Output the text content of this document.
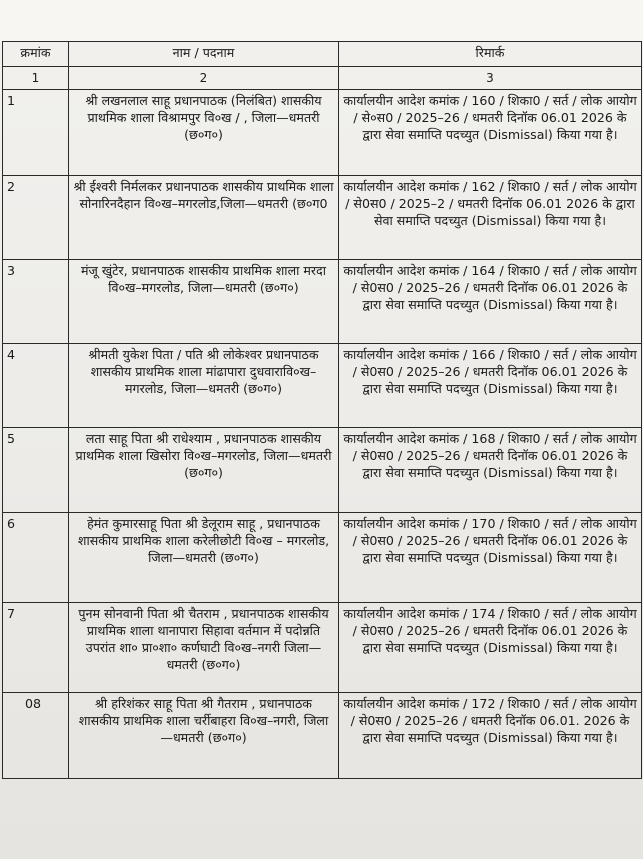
क्रमांक	नाम / पदनाम	रिमार्क
1	2	3
1	श्री लखनलाल साहू प्रधानपाठक (निलंबित) शासकीय प्राथमिक शाला विश्रामपुर वि०ख / , जिला—धमतरी (छ०ग०)	कार्यालयीन आदेश कमांक / 160 / शिका0 / सर्त / लोक आयोग / से०स0 / 2025–26 / धमतरी दिनॉक 06.01 2026 के द्वारा सेवा समाप्ति पदच्युत (Dismissal) किया गया है।
2	श्री ईश्वरी निर्मलकर प्रधानपाठक शासकीय प्राथमिक शाला सोनारिनदैहान वि०ख–मगरलोड,जिला—धमतरी (छ०ग0	कार्यालयीन आदेश कमांक / 162 / शिका0 / सर्त / लोक आयोग / से0स0 / 2025–2 / धमतरी दिनॉक 06.01 2026 के द्वारा सेवा समाप्ति पदच्युत (Dismissal) किया गया है।
3	मंजू खुंटेर, प्रधानपाठक शासकीय प्राथमिक शाला मरदा वि०ख–मगरलोड, जिला—धमतरी (छ०ग०)	कार्यालयीन आदेश कमांक / 164 / शिका0 / सर्त / लोक आयोग / से0स0 / 2025–26 / धमतरी दिनॉक 06.01 2026 के द्वारा सेवा समाप्ति पदच्युत (Dismissal) किया गया है।
4	श्रीमती युकेश पिता / पति श्री लोकेश्वर प्रधानपाठक शासकीय प्राथमिक शाला मांढापारा दुधवारावि०ख–मगरलोड, जिला—धमतरी (छ०ग०)	कार्यालयीन आदेश कमांक / 166 / शिका0 / सर्त / लोक आयोग / से0स0 / 2025–26 / धमतरी दिनॉक 06.01 2026 के द्वारा सेवा समाप्ति पदच्युत (Dismissal) किया गया है।
5	लता साहू पिता श्री राधेश्याम , प्रधानपाठक शासकीय प्राथमिक शाला खिसोरा वि०ख–मगरलोड, जिला—धमतरी (छ०ग०)	कार्यालयीन आदेश कमांक / 168 / शिका0 / सर्त / लोक आयोग / से0स0 / 2025–26 / धमतरी दिनॉक 06.01 2026 के द्वारा सेवा समाप्ति पदच्युत (Dismissal) किया गया है।
6	हेमंत कुमारसाहू पिता श्री डेलूराम साहू , प्रधानपाठक शासकीय प्राथमिक शाला करेलीछोटी वि०ख – मगरलोड, जिला—धमतरी (छ०ग०)	कार्यालयीन आदेश कमांक / 170 / शिका0 / सर्त / लोक आयोग / से0स0 / 2025–26 / धमतरी दिनॉक 06.01 2026 के द्वारा सेवा समाप्ति पदच्युत (Dismissal) किया गया है।
7	पुनम सोनवानी पिता श्री चैतराम , प्रधानपाठक शासकीय प्राथमिक शाला थानापारा सिहावा वर्तमान में पदोन्नति उपरांत शा० प्रा०शा० कर्णघाटी वि०ख–नगरी जिला—धमतरी (छ०ग०)	कार्यालयीन आदेश कमांक / 174 / शिका0 / सर्त / लोक आयोग / से0स0 / 2025–26 / धमतरी दिनॉक 06.01 2026 के द्वारा सेवा समाप्ति पदच्युत (Dismissal) किया गया है।
08	श्री हरिशंकर साहू पिता श्री गैतराम , प्रधानपाठक शासकीय प्राथमिक शाला चर्रीबाहरा वि०ख–नगरी, जिला—धमतरी (छ०ग०)	कार्यालयीन आदेश कमांक / 172 / शिका0 / सर्त / लोक आयोग / से0स0 / 2025–26 / धमतरी दिनॉक 06.01. 2026 के द्वारा सेवा समाप्ति पदच्युत (Dismissal) किया गया है।
